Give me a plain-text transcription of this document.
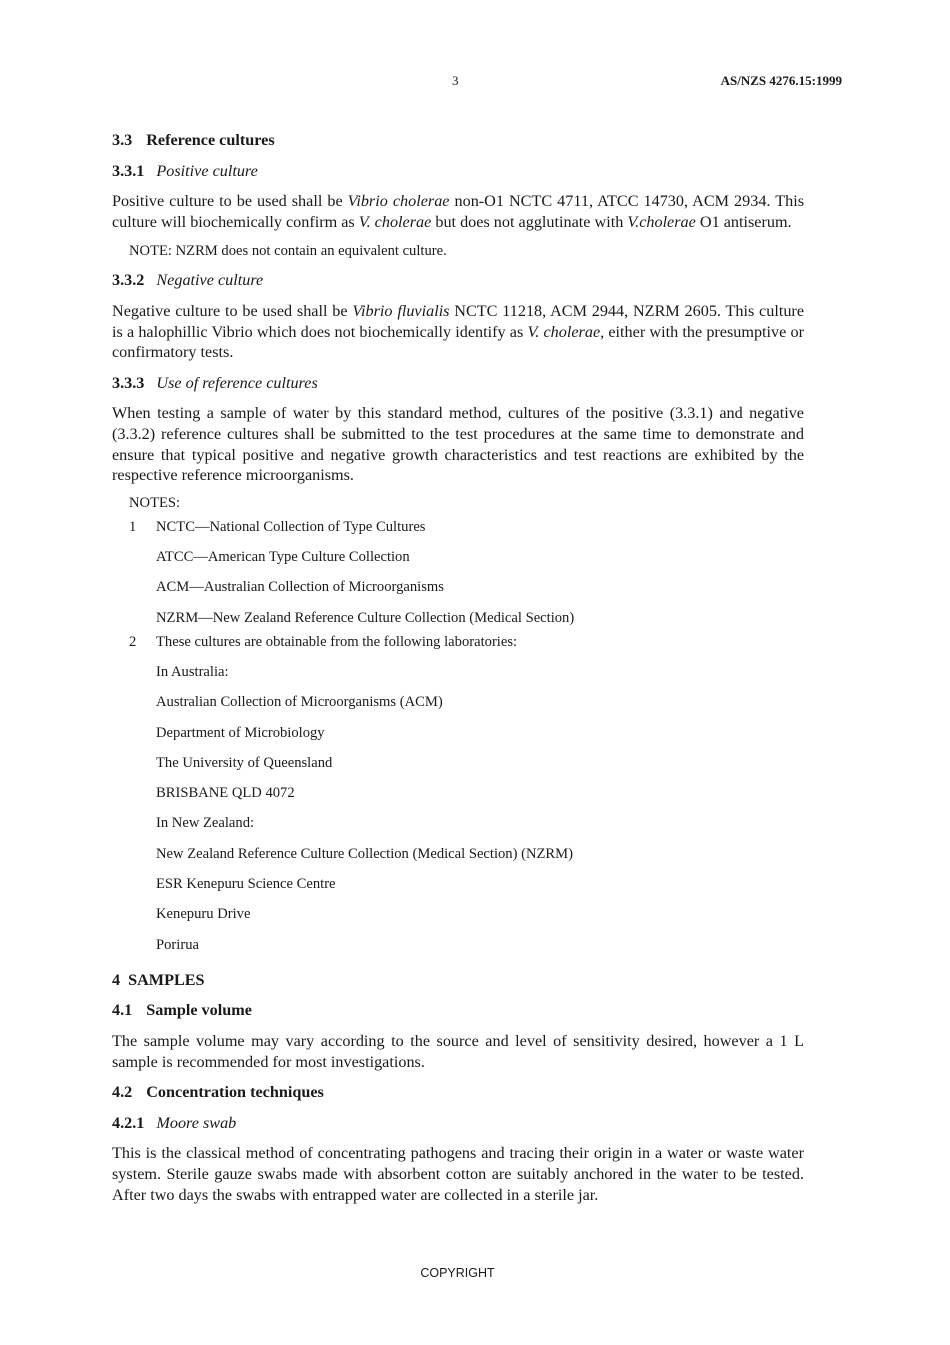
3	AS/NZS 4276.15:1999
3.3 Reference cultures
3.3.1 Positive culture

Positive culture to be used shall be Vibrio cholerae non-O1 NCTC 4711, ATCC 14730, ACM 2934. This culture will biochemically confirm as V. cholerae but does not agglutinate with V.cholerae O1 antiserum.

NOTE: NZRM does not contain an equivalent culture.
3.3.2 Negative culture

Negative culture to be used shall be Vibrio fluvialis NCTC 11218, ACM 2944, NZRM 2605. This culture is a halophillic Vibrio which does not biochemically identify as V. cholerae, either with the presumptive or confirmatory tests.

3.3.3 Use of reference cultures

When testing a sample of water by this standard method, cultures of the positive (3.3.1) and negative (3.3.2) reference cultures shall be submitted to the test procedures at the same time to demonstrate and ensure that typical positive and negative growth characteristics and test reactions are exhibited by the respective reference microorganisms.

NOTES:
1	NCTC—National Collection of Type Cultures
ATCC—American Type Culture Collection
ACM—Australian Collection of Microorganisms
NZRM—New Zealand Reference Culture Collection (Medical Section)
2	These cultures are obtainable from the following laboratories:
In Australia:
Australian Collection of Microorganisms (ACM)
Department of Microbiology
The University of Queensland
BRISBANE QLD 4072
In New Zealand:
New Zealand Reference Culture Collection (Medical Section) (NZRM)
ESR Kenepuru Science Centre
Kenepuru Drive
Porirua
4 SAMPLES
4.1 Sample volume

The sample volume may vary according to the source and level of sensitivity desired, however a 1 L sample is recommended for most investigations.

4.2 Concentration techniques
4.2.1 Moore swab

This is the classical method of concentrating pathogens and tracing their origin in a water or waste water system. Sterile gauze swabs made with absorbent cotton are suitably anchored in the water to be tested. After two days the swabs with entrapped water are collected in a sterile jar.

COPYRIGHT
